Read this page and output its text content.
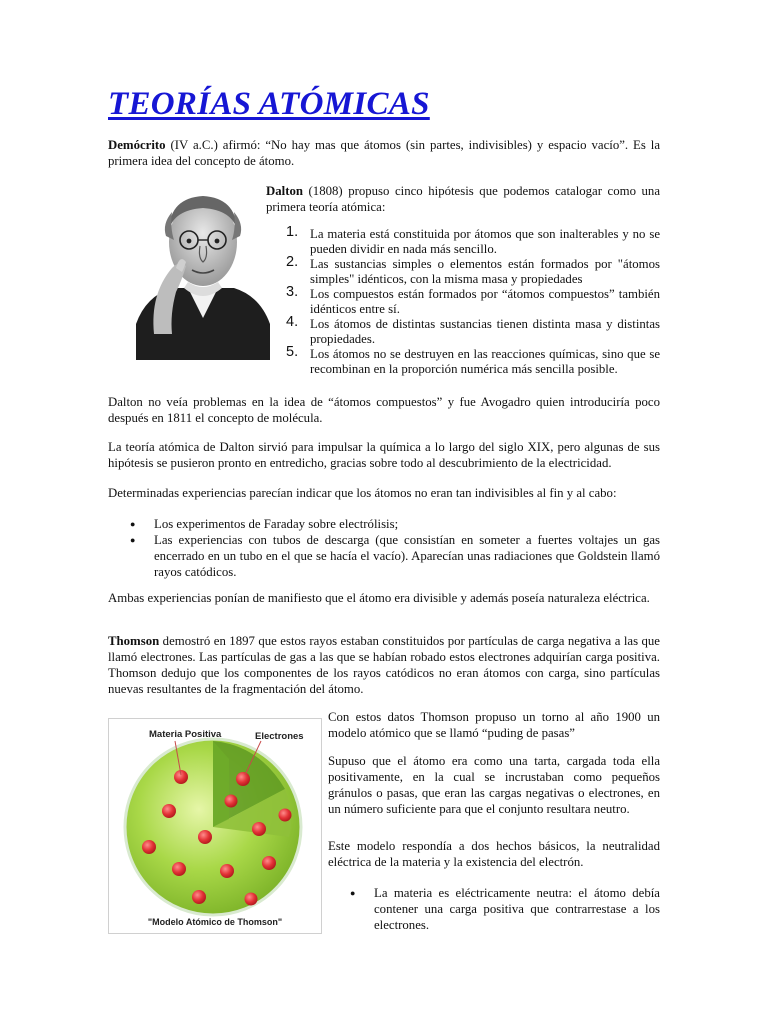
TEORÍAS ATÓMICAS

Demócrito (IV a.C.) afirmó: “No hay mas que átomos (sin partes, indivisibles) y espacio vacío”. Es la primera idea del concepto de átomo.

Dalton (1808) propuso cinco hipótesis que podemos catalogar como una primera teoría atómica:

1. La materia está constituida por átomos que son inalterables y no se pueden dividir en nada más sencillo.
2. Las sustancias simples o elementos están formados por "átomos simples" idénticos, con la misma masa y propiedades
3. Los compuestos están formados por “átomos compuestos” también idénticos entre sí.
4. Los átomos de distintas sustancias tienen distinta masa y distintas propiedades.
5. Los átomos no se destruyen en las reacciones químicas, sino que se recombinan en la proporción numérica más sencilla posible.

Dalton no veía problemas en la idea de “átomos compuestos” y fue Avogadro quien introduciría poco después en 1811 el concepto de molécula.

La teoría atómica de Dalton sirvió para impulsar la química a lo largo del siglo XIX, pero algunas de sus hipótesis se pusieron pronto en entredicho, gracias sobre todo al descubrimiento de la electricidad.

Determinadas experiencias parecían indicar que los átomos no eran tan indivisibles al fin y al cabo:

● Los experimentos de Faraday sobre electrólisis;
● Las experiencias con tubos de descarga (que consistían en someter a fuertes voltajes un gas encerrado en un tubo en el que se hacía el vacío). Aparecían unas radiaciones que Goldstein llamó rayos catódicos.

Ambas experiencias ponían de manifiesto que el átomo era divisible y además poseía naturaleza eléctrica.

Thomson demostró en 1897 que estos rayos estaban constituidos por partículas de carga negativa a las que llamó electrones. Las partículas de gas a las que se habían robado estos electrones adquirían carga positiva. Thomson dedujo que los componentes de los rayos catódicos no eran átomos con carga, sino partículas nuevas resultantes de la fragmentación del átomo.

Materia Positiva	Electrones
"Modelo Atómico de Thomson"

Con estos datos Thomson propuso un torno al año 1900 un modelo atómico que se llamó “puding de pasas”

Supuso que el átomo era como una tarta, cargada toda ella positivamente, en la cual se incrustaban como pequeños gránulos o pasas, que eran las cargas negativas o electrones, en un número suficiente para que el conjunto resultara neutro.

Este modelo respondía a dos hechos básicos, la neutralidad eléctrica de la materia y la existencia del electrón.

● La materia es eléctricamente neutra: el átomo debía contener una carga positiva que contrarrestase a los electrones.
